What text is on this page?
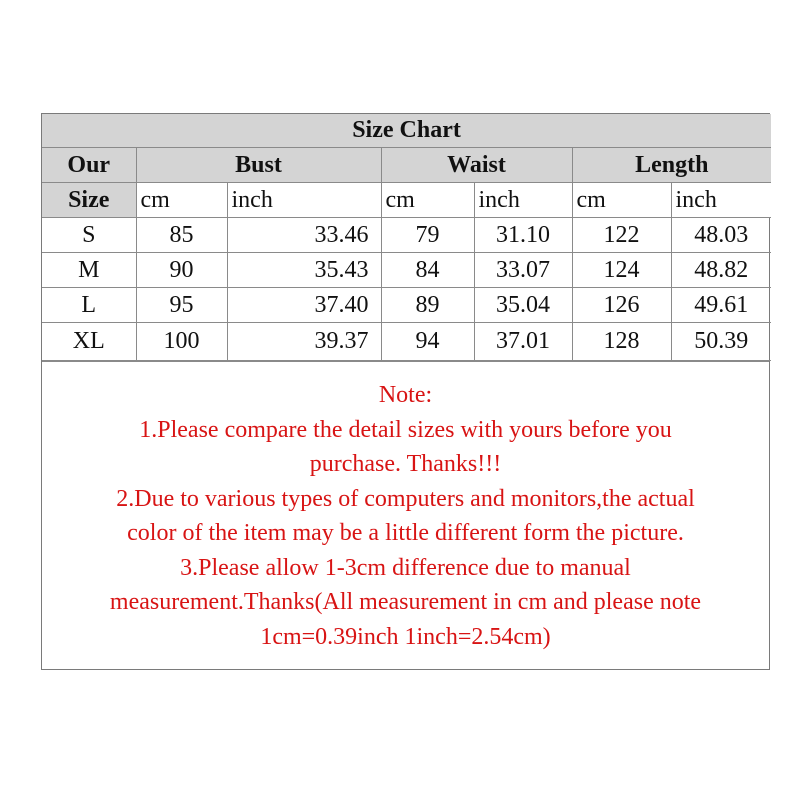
Size Chart						
Our	Bust		Waist		Length	
Size	cm	inch	cm	inch	cm	inch
S	85	33.46	79	31.10	122	48.03
M	90	35.43	84	33.07	124	48.82
L	95	37.40	89	35.04	126	49.61
XL	100	39.37	94	37.01	128	50.39
Note:
1.Please compare the detail sizes with yours before you
purchase. Thanks!!!
2.Due to various types of computers and monitors,the actual
color of the item may be a little different form the picture.
3.Please allow 1-3cm difference due to manual
measurement.Thanks(All measurement in cm and please note
1cm=0.39inch 1inch=2.54cm)
